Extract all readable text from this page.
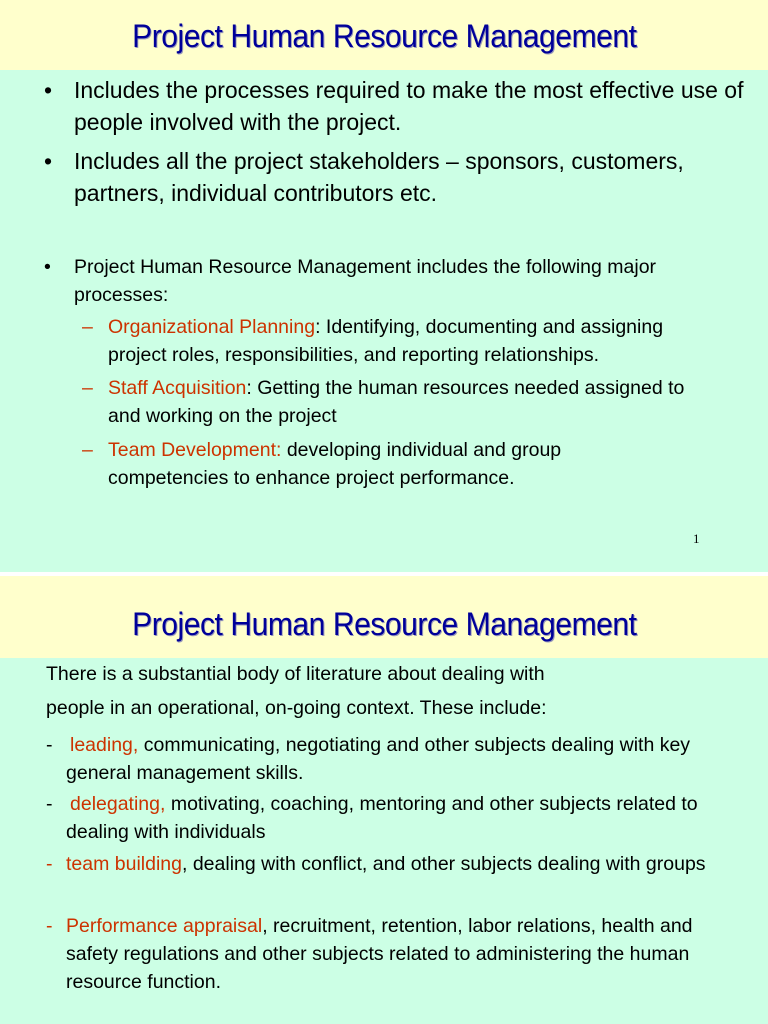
Project Human Resource Management
• Includes the processes required to make the most effective use of people involved with the project.
• Includes all the project stakeholders – sponsors, customers, partners, individual contributors etc.
•	Project Human Resource Management includes the following major processes:
– Organizational Planning: Identifying, documenting and assigning project roles, responsibilities, and reporting relationships.
– Staff Acquisition: Getting the human resources needed assigned to and working on the project
– Team Development: developing individual and group competencies to enhance project performance.
1
Project Human Resource Management

There is a substantial body of literature about dealing with

people in an operational, on-going context. These include:

- leading, communicating, negotiating and other subjects dealing with key general management skills.
- delegating, motivating, coaching, mentoring and other subjects related to dealing with individuals
- team building, dealing with conflict, and other subjects dealing with groups
- Performance appraisal, recruitment, retention, labor relations, health and safety regulations and other subjects related to administering the human resource function.
